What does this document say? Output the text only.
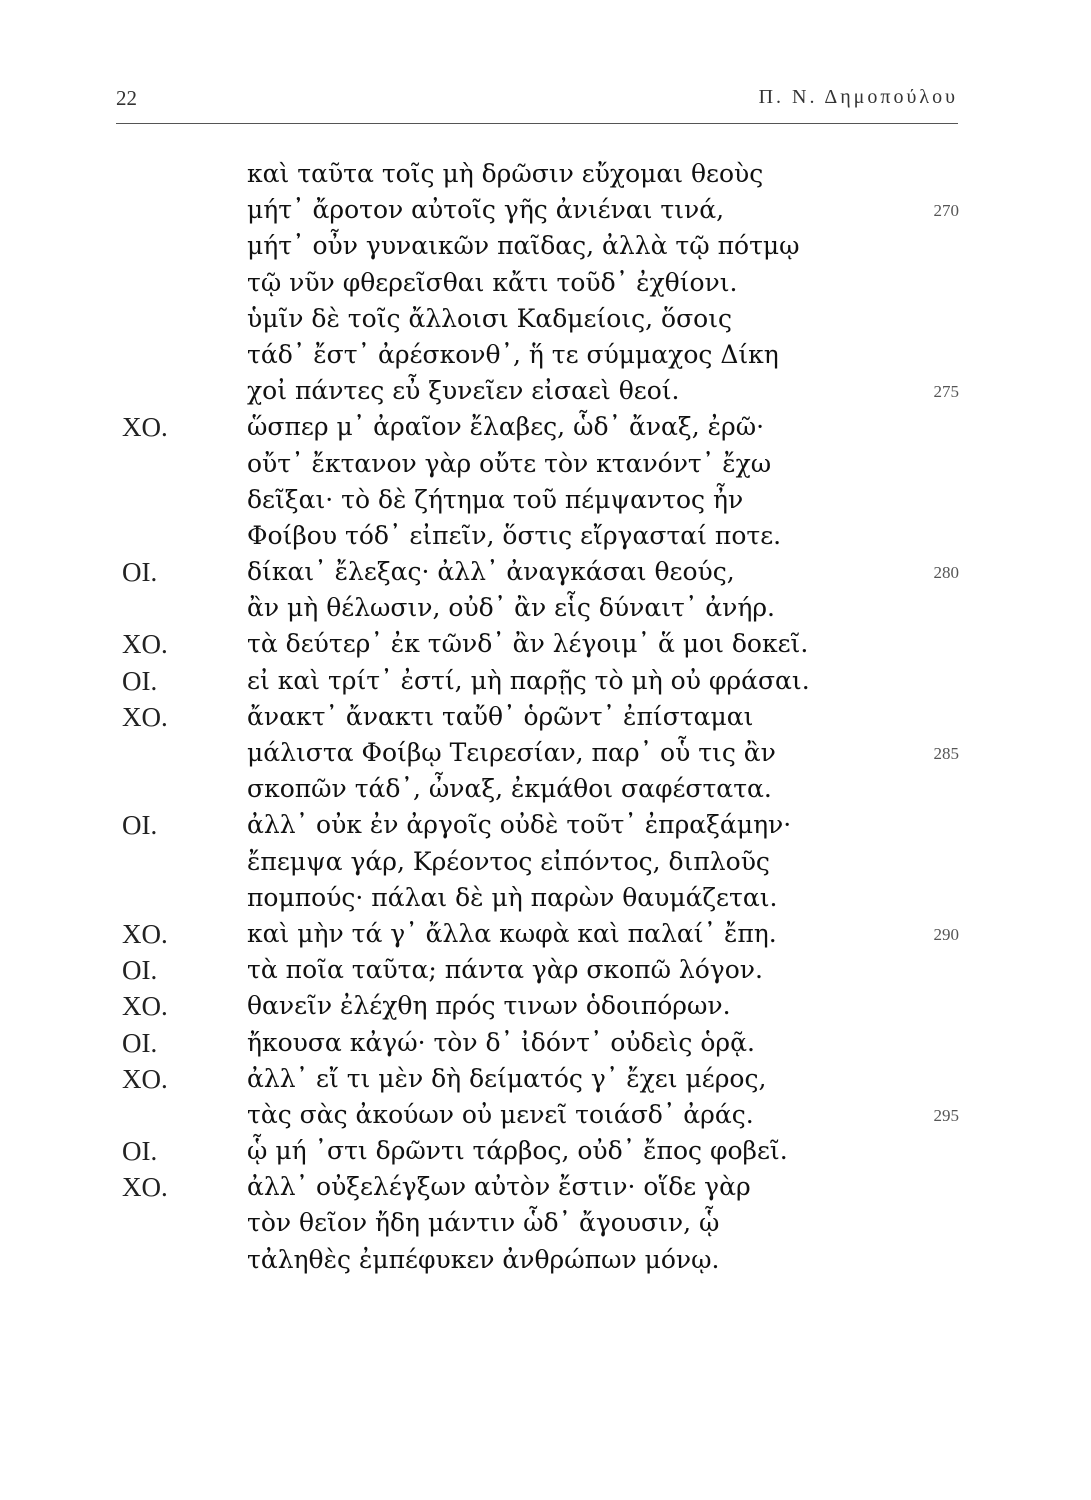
22	Π. Ν. Δημοπούλου
καὶ ταῦτα τοῖς μὴ δρῶσιν εὔχομαι θεοὺς
μήτ᾽ ἄροτον αὐτοῖς γῆς ἀνιέναι τινά,	270
μήτ᾽ οὖν γυναικῶν παῖδας, ἀλλὰ τῷ πότμῳ
τῷ νῦν φθερεῖσθαι κἄτι τοῦδ᾽ ἐχθίονι.
ὑμῖν δὲ τοῖς ἄλλοισι Καδμείοις, ὅσοις
τάδ᾽ ἔστ᾽ ἀρέσκονθ᾽, ἥ τε σύμμαχος Δίκη
χοἰ πάντες εὖ ξυνεῖεν εἰσαεὶ θεοί.	275
ΧΟ.	ὥσπερ μ᾽ ἀραῖον ἔλαβες, ὧδ᾽ ἄναξ, ἐρῶ·
οὔτ᾽ ἔκτανον γὰρ οὔτε τὸν κτανόντ᾽ ἔχω
δεῖξαι· τὸ δὲ ζήτημα τοῦ πέμψαντος ἦν
Φοίβου τόδ᾽ εἰπεῖν, ὅστις εἴργασταί ποτε.
ΟΙ.	δίκαι᾽ ἔλεξας· ἀλλ᾽ ἀναγκάσαι θεούς,	280
ἂν μὴ θέλωσιν, οὐδ᾽ ἂν εἷς δύναιτ᾽ ἀνήρ.
ΧΟ.	τὰ δεύτερ᾽ ἐκ τῶνδ᾽ ἂν λέγοιμ᾽ ἅ μοι δοκεῖ.
ΟΙ.	εἰ καὶ τρίτ᾽ ἐστί, μὴ παρῇς τὸ μὴ οὐ φράσαι.
ΧΟ.	ἄνακτ᾽ ἄνακτι ταὔθ᾽ ὁρῶντ᾽ ἐπίσταμαι
μάλιστα Φοίβῳ Τειρεσίαν, παρ᾽ οὗ τις ἂν	285
σκοπῶν τάδ᾽, ὦναξ, ἐκμάθοι σαφέστατα.
ΟΙ.	ἀλλ᾽ οὐκ ἐν ἀργοῖς οὐδὲ τοῦτ᾽ ἐπραξάμην·
ἔπεμψα γάρ, Κρέοντος εἰπόντος, διπλοῦς
πομπούς· πάλαι δὲ μὴ παρὼν θαυμάζεται.
ΧΟ.	καὶ μὴν τά γ᾽ ἄλλα κωφὰ καὶ παλαί᾽ ἔπη.	290
ΟΙ.	τὰ ποῖα ταῦτα; πάντα γὰρ σκοπῶ λόγον.
ΧΟ.	θανεῖν ἐλέχθη πρός τινων ὁδοιπόρων.
ΟΙ.	ἤκουσα κἀγώ· τὸν δ᾽ ἰδόντ᾽ οὐδεὶς ὁρᾷ.
ΧΟ.	ἀλλ᾽ εἴ τι μὲν δὴ δείματός γ᾽ ἔχει μέρος,
τὰς σὰς ἀκούων οὐ μενεῖ τοιάσδ᾽ ἀράς.	295
ΟΙ.	ᾧ μή ᾽στι δρῶντι τάρβος, οὐδ᾽ ἔπος φοβεῖ.
ΧΟ.	ἀλλ᾽ οὐξελέγξων αὐτὸν ἔστιν· οἵδε γὰρ
τὸν θεῖον ἤδη μάντιν ὧδ᾽ ἄγουσιν, ᾧ
τἀληθὲς ἐμπέφυκεν ἀνθρώπων μόνῳ.
